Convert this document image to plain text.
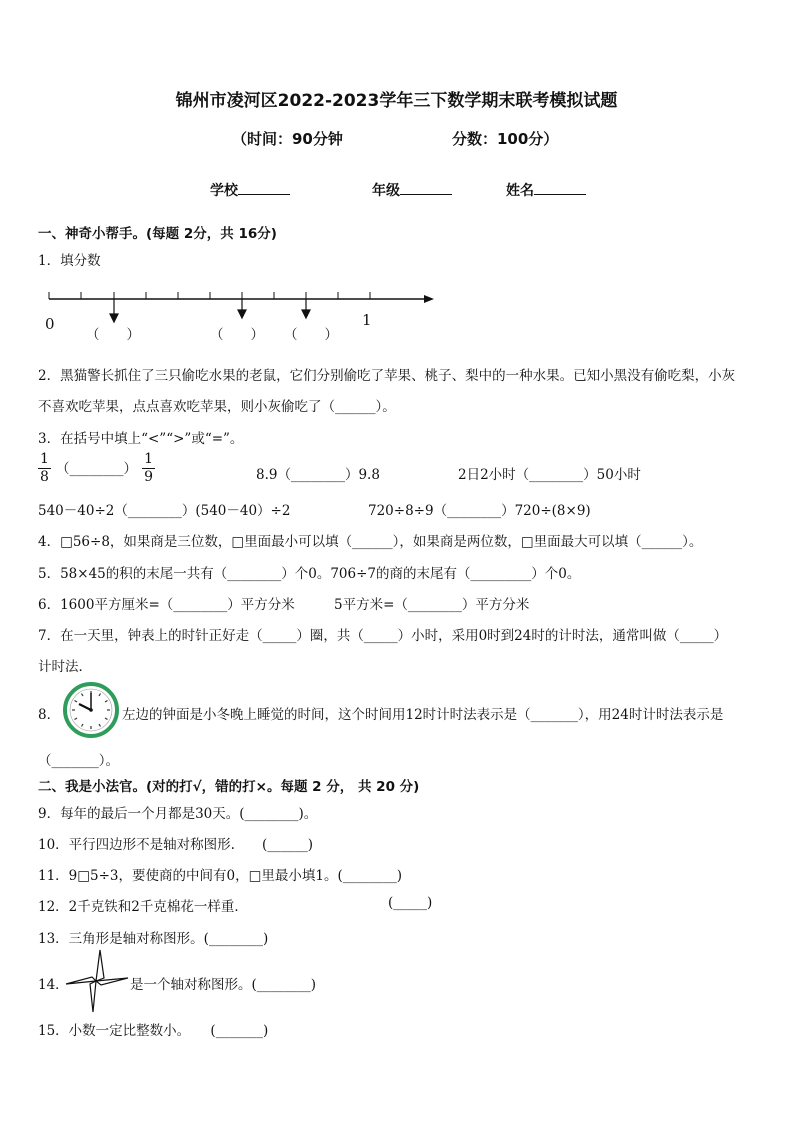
锦州市凌河区2022-2023学年三下数学期末联考模拟试题
（时间：90分钟	分数：100分）
学校	年级	姓名
一、神奇小帮手。(每题 2分，共 16分)
1．填分数
0	1
（　　）	（　　） （　　）
2．黑猫警长抓住了三只偷吃水果的老鼠，它们分别偷吃了苹果、桃子、梨中的一种水果。已知小黑没有偷吃梨，小灰
不喜欢吃苹果，点点喜欢吃苹果，则小灰偷吃了（______）。
3．在括号中填上“<”“>”或“=”。
$\frac{1}{8}$ （________） $\frac{1}{9}$	8.9（________）9.8	2日2小时（________）50小时
540－40÷2（________）(540－40）÷2	720÷8÷9（________）720÷(8×9)
4．□56÷8，如果商是三位数，□里面最小可以填（______），如果商是两位数，□里面最大可以填（______）。
5．58×45的积的末尾一共有（________）个0。706÷7的商的末尾有（_________）个0。
6．1600平方厘米=（________）平方分米	5平方米=（________）平方分米
7．在一天里，钟表上的时针正好走（_____）圈，共（_____）小时，采用0时到24时的计时法，通常叫做（_____）
计时法．
8．	左边的钟面是小冬晚上睡觉的时间，这个时间用12时计时法表示是（_______），用24时计时法表示是
（_______）。
二、我是小法官。(对的打√，错的打×。每题 2 分， 共 20 分)
9．每年的最后一个月都是30天。(________)。
10．平行四边形不是轴对称图形.　　(______)
11．9□5÷3，要使商的中间有0，□里最小填1。(________)
12．2千克铁和2千克棉花一样重．	(_____)
13．三角形是轴对称图形。(________)
14．	是一个轴对称图形。(________)
15．小数一定比整数小。　　(_______)
